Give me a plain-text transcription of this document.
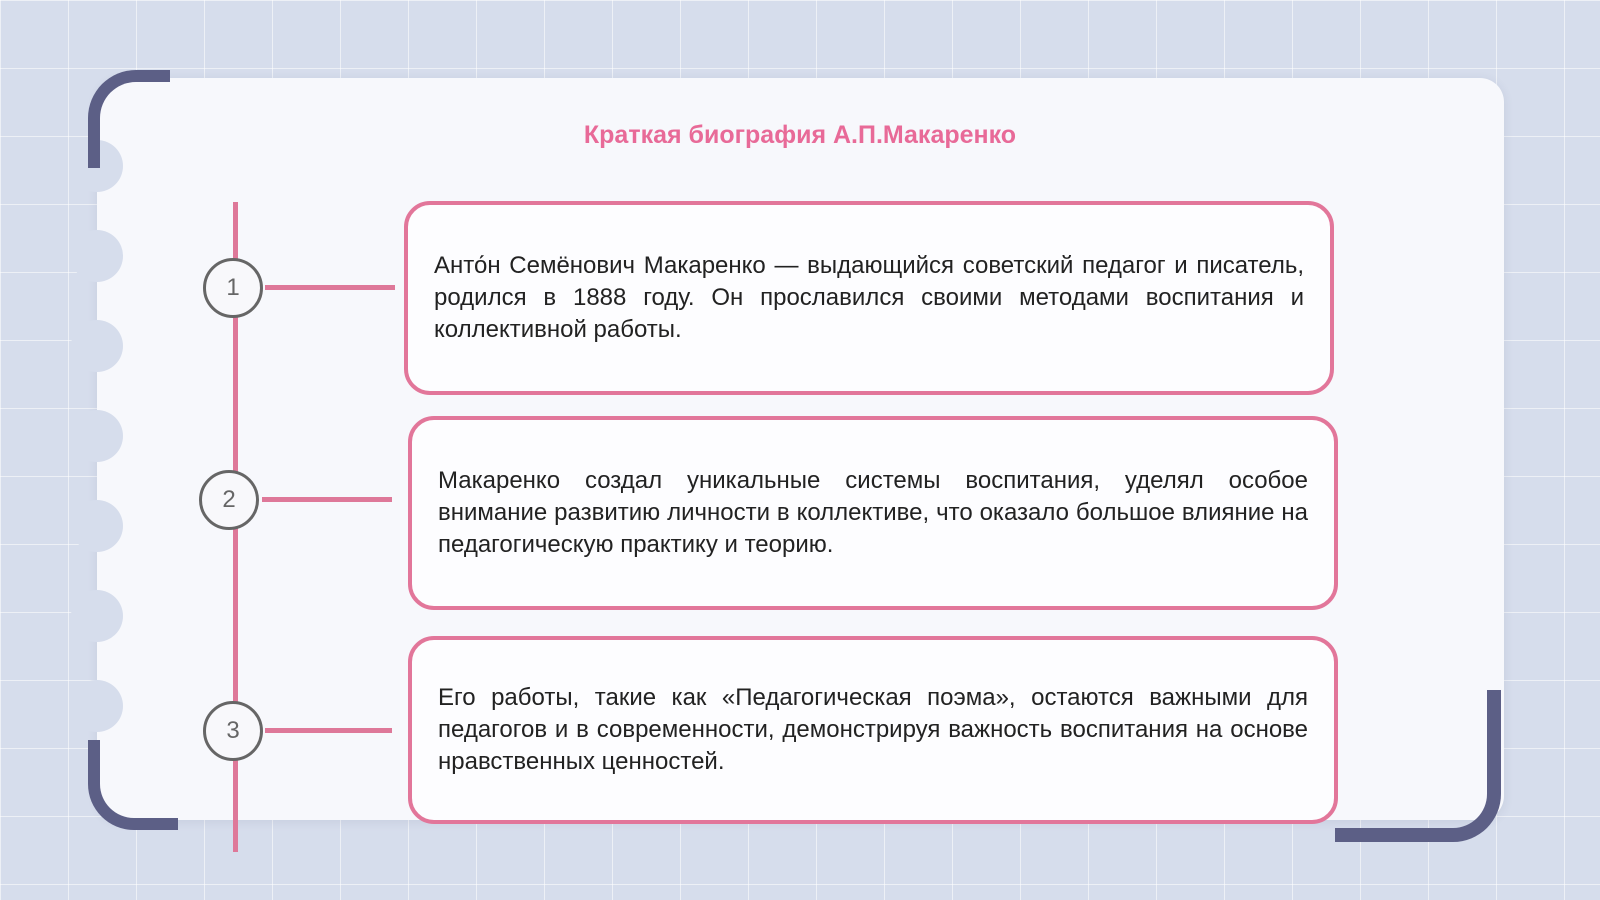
Краткая биография А.П.Макаренко
1
2
3

Анто́н Семёнович Макаренко — выдающийся советский педагог и писатель, родился в 1888 году. Он прославился своими методами воспитания и коллективной работы.

Макаренко создал уникальные системы воспитания, уделял особое внимание развитию личности в коллективе, что оказало большое влияние на педагогическую практику и теорию.

Его работы, такие как «Педагогическая поэма», остаются важными для педагогов и в современности, демонстрируя важность воспитания на основе нравственных ценностей.
